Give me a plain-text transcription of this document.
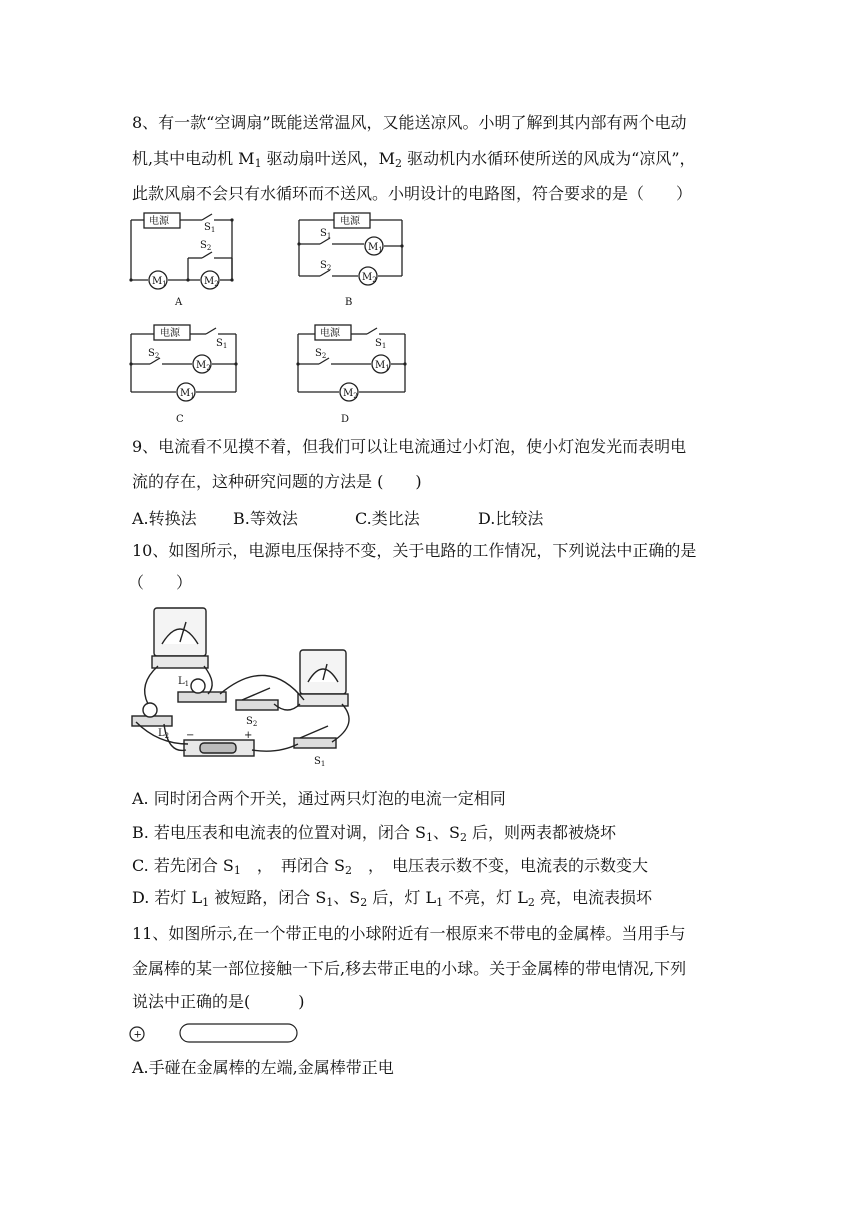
8、有一款“空调扇”既能送常温风，又能送凉风。小明了解到其内部有两个电动
机,其中电动机 $M_1$ 驱动扇叶送风，$M_2$ 驱动机内水循环使所送的风成为“凉风”，
此款风扇不会只有水循环而不送风。小明设计的电路图，符合要求的是（　　）
电源
$S_1$
$S_2$
$M_1$	$M_2$
A
电源
$S_1$
$S_2$
$M_1$
$M_2$
B
电源
$S_1$
$S_2$
$M_2$
$M_1$
C
电源
$S_1$
$S_2$
$M_1$
$M_2$
D
9、电流看不见摸不着，但我们可以让电流通过小灯泡，使小灯泡发光而表明电
流的存在，这种研究问题的方法是 (　　)
A.转换法 B.等效法	C.类比法	D.比较法
10、如图所示，电源电压保持不变，关于电路的工作情况，下列说法中正确的是
（　　）
$L_1$
$L_2$
$S_2$
$S_1$
−	+
A. 同时闭合两个开关，通过两只灯泡的电流一定相同
B. 若电压表和电流表的位置对调，闭合 $S_1$、$S_2$ 后，则两表都被烧坏
C. 若先闭合 $S_1$　，　再闭合 $S_2$　，　电压表示数不变，电流表的示数变大
D. 若灯 $L_1$ 被短路，闭合 $S_1$、$S_2$ 后，灯 $L_1$ 不亮，灯 $L_2$ 亮，电流表损坏
11、如图所示,在一个带正电的小球附近有一根原来不带电的金属棒。当用手与
金属棒的某一部位接触一下后,移去带正电的小球。关于金属棒的带电情况,下列
说法中正确的是(　　　)
+
A.手碰在金属棒的左端,金属棒带正电
